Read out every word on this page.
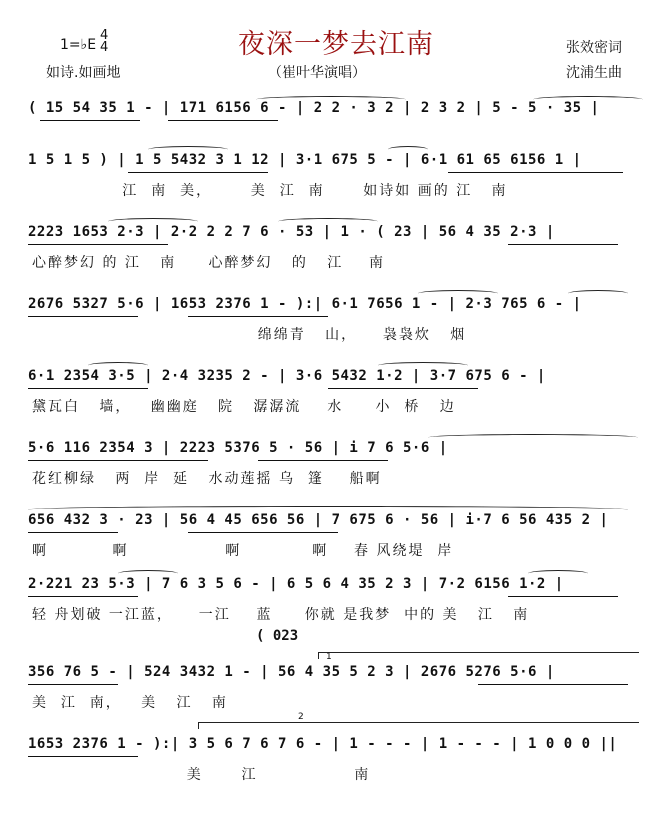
夜深一梦去江南
1=♭E
4
4
如诗.如画地	（崔叶华演唱）
张效密词
沈浦生曲
( 15 54 35 1 - | 171 6156 6 - | 2 2 · 3 2 | 2 3 2 | 5 - 5 · 35 |
1 5 1 5 ) | 1 5 5432 3 1 12 | 3·1 675 5 - | 6·1 61 65 6156 1 |
江  南  美，      美  江  南      如诗如 画的 江   南
2223 1653 2·3 | 2·2 2 2 7 6 · 53 | 1 · ( 23 | 56 4 35 2·3 |
心醉梦幻 的 江   南     心醉梦幻   的   江    南
2676 5327 5·6 | 1653 2376 1 - ):| 6·1 7656 1 - | 2·3 765 6 - |
绵绵青   山，    袅袅炊   烟
6·1 2354 3·5 | 2·4 3235 2 - | 3·6 5432 1·2 | 3·7 675 6 - |
黛瓦白   墙，   幽幽庭   院   潺潺流    水     小  桥   边
5·6 116 2354 3 | 2223 5376 5 · 56 | i 7 6 5·6 |
花红柳绿   两  岸  延   水动莲摇 乌  篷    船啊
656 432 3 · 23 | 56 4 45 656 56 | 7 675 6 · 56 | i·7 6 56 435 2 |
啊          啊               啊           啊    春 风绕堤  岸
2·221 23 5·3 | 7 6 3 5 6 - | 6 5 6 4 35 2 3 | 7·2 6156 1·2 |
轻 舟划破 一江蓝，    一江    蓝     你就 是我梦  中的 美   江   南
( 023
356 76 5 - | 524 3432 1 - | 56 4 35 5 2 3 | 2676 5276 5·6 |
美  江  南，   美   江   南
1
1653 2376 1 - ):| 3 5 6 7 6 7 6 - | 1 - - - | 1 - - - | 1 0 0 0 ||
美      江               南
2
